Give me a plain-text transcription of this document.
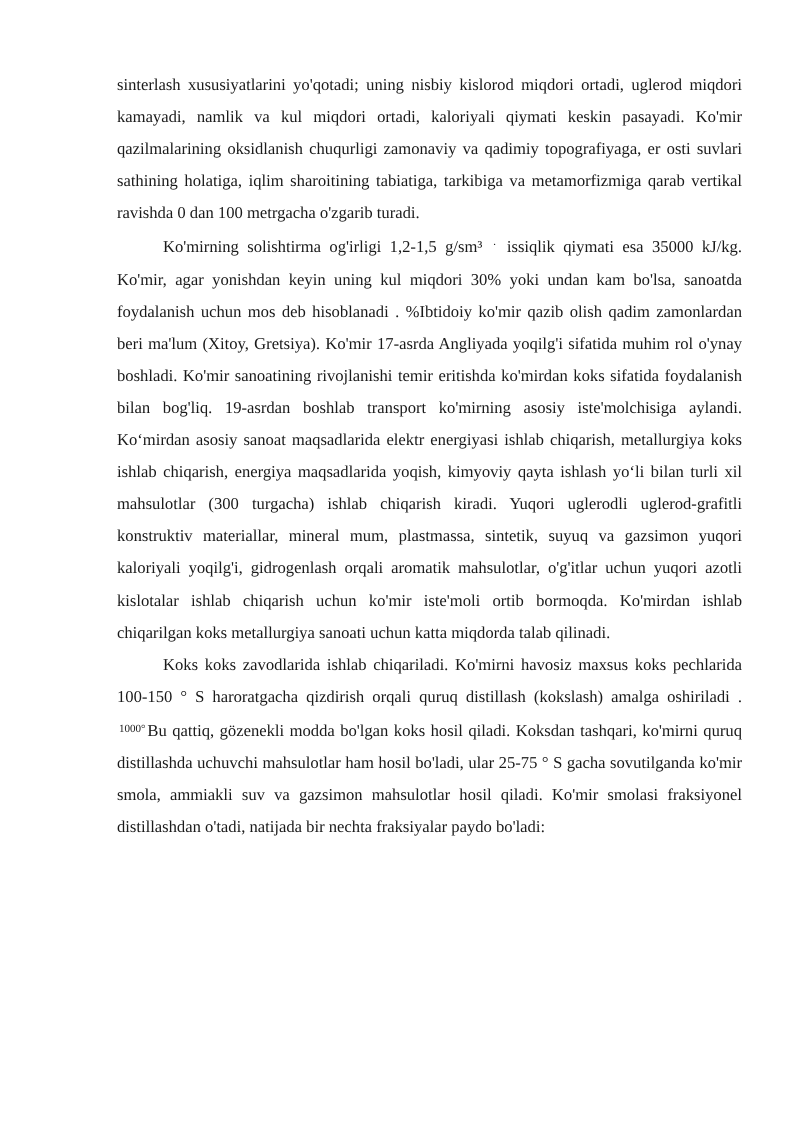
sinterlash xususiyatlarini yo'qotadi; uning nisbiy kislorod miqdori ortadi, uglerod miqdori kamayadi, namlik va kul miqdori ortadi, kaloriyali qiymati keskin pasayadi. Ko'mir qazilmalarining oksidlanish chuqurligi zamonaviy va qadimiy topografiyaga, er osti suvlari sathining holatiga, iqlim sharoitining tabiatiga, tarkibiga va metamorfizmiga qarab vertikal ravishda 0 dan 100 metrgacha o'zgarib turadi.

Ko'mirning solishtirma og'irligi 1,2-1,5 g/sm³ · issiqlik qiymati esa 35000 kJ/kg. Ko'mir, agar yonishdan keyin uning kul miqdori 30% yoki undan kam bo'lsa, sanoatda foydalanish uchun mos deb hisoblanadi . %Ibtidoiy ko'mir qazib olish qadim zamonlardan beri ma'lum (Xitoy, Gretsiya). Ko'mir 17-asrda Angliyada yoqilg'i sifatida muhim rol o'ynay boshladi. Ko'mir sanoatining rivojlanishi temir eritishda ko'mirdan koks sifatida foydalanish bilan bog'liq. 19-asrdan boshlab transport ko'mirning asosiy iste'molchisiga aylandi. Ko‘mirdan asosiy sanoat maqsadlarida elektr energiyasi ishlab chiqarish, metallurgiya koks ishlab chiqarish, energiya maqsadlarida yoqish, kimyoviy qayta ishlash yo‘li bilan turli xil mahsulotlar (300 turgacha) ishlab chiqarish kiradi. Yuqori uglerodli uglerod-grafitli konstruktiv materiallar, mineral mum, plastmassa, sintetik, suyuq va gazsimon yuqori kaloriyali yoqilg'i, gidrogenlash orqali aromatik mahsulotlar, o'g'itlar uchun yuqori azotli kislotalar ishlab chiqarish uchun ko'mir iste'moli ortib bormoqda. Ko'mirdan ishlab chiqarilgan koks metallurgiya sanoati uchun katta miqdorda talab qilinadi.

Koks koks zavodlarida ishlab chiqariladi. Ko'mirni havosiz maxsus koks pechlarida 100-150 ° S haroratgacha qizdirish orqali quruq distillash (kokslash) amalga oshiriladi . $^{1000^\circ}$ Bu qattiq, gözenekli modda bo'lgan koks hosil qiladi. Koksdan tashqari, ko'mirni quruq distillashda uchuvchi mahsulotlar ham hosil bo'ladi, ular 25-75 ° S gacha sovutilganda ko'mir smola, ammiakli suv va gazsimon mahsulotlar hosil qiladi. Ko'mir smolasi fraksiyonel distillashdan o'tadi, natijada bir nechta fraksiyalar paydo bo'ladi:
